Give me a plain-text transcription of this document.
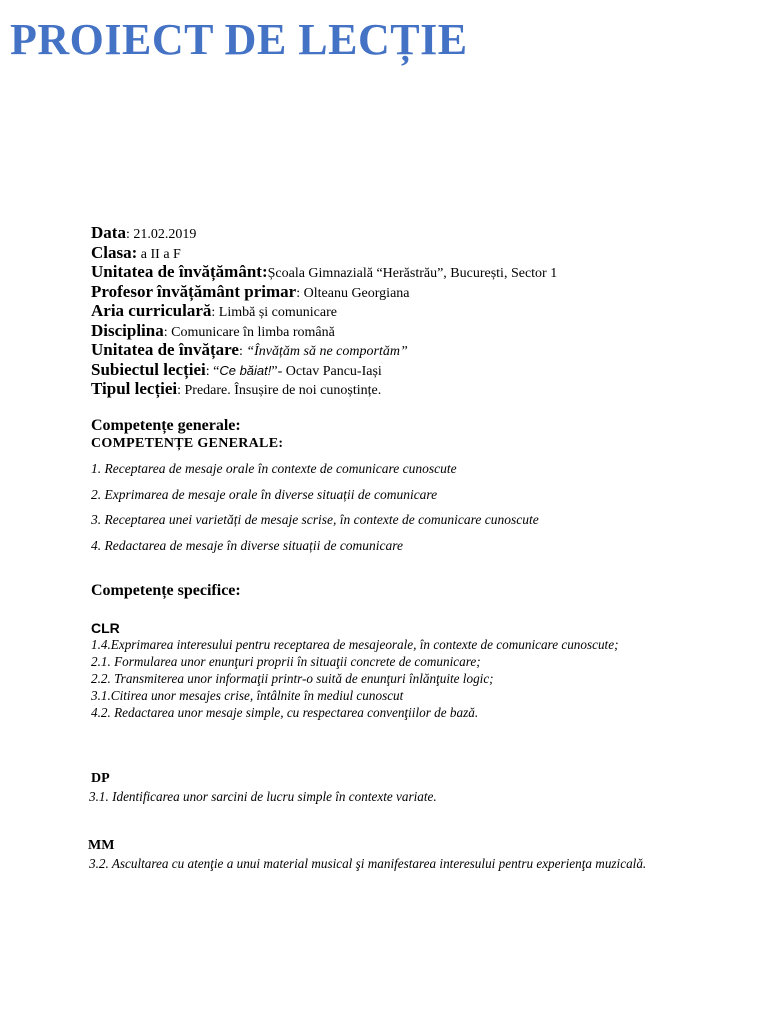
PROIECT DE LECȚIE
Data: 21.02.2019
Clasa: a II a F
Unitatea de învățământ:Școala Gimnazială “Herăstrău”, București, Sector 1
Profesor învățământ primar: Olteanu Georgiana
Aria curriculară: Limbă și comunicare
Disciplina: Comunicare în limba română
Unitatea de învățare: “Învățăm să ne comportăm”
Subiectul lecției: “Ce băiat!”- Octav Pancu-Iași
Tipul lecției: Predare. Însușire de noi cunoștințe.
Competențe generale:
COMPETENȚE GENERALE:
1. Receptarea de mesaje orale în contexte de comunicare cunoscute
2. Exprimarea de mesaje orale în diverse situații de comunicare
3. Receptarea unei varietăți de mesaje scrise, în contexte de comunicare cunoscute
4. Redactarea de mesaje în diverse situații de comunicare
Competențe specifice:
CLR
1.4.Exprimarea interesului pentru receptarea de mesajeorale, în contexte de comunicare cunoscute;
2.1. Formularea unor enunţuri proprii în situaţii concrete de comunicare;
2.2. Transmiterea unor informaţii printr-o suită de enunţuri înlănţuite logic;
3.1.Citirea unor mesajes crise, întâlnite în mediul cunoscut
4.2. Redactarea unor mesaje simple, cu respectarea convenţiilor de bază.
DP
3.1. Identificarea unor sarcini de lucru simple în contexte variate.
MM
3.2. Ascultarea cu atenţie a unui material musical şi manifestarea interesului pentru experienţa muzicală.
